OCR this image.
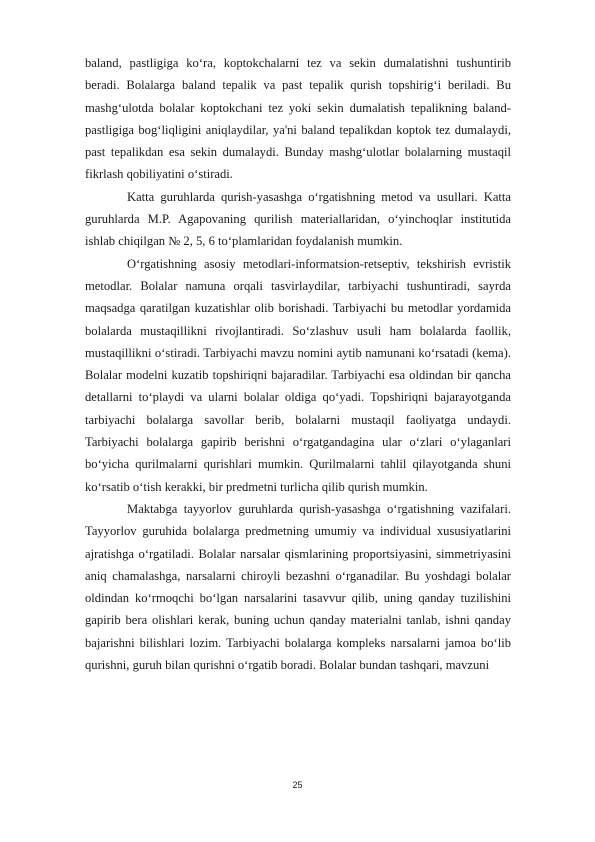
baland, pastligiga ko‘ra, koptokchalarni tez va sekin dumalatishni tushuntirib beradi. Bolalarga baland tepalik va past tepalik qurish topshirig‘i beriladi. Bu mashg‘ulotda bolalar koptokchani tez yoki sekin dumalatish tepalikning baland-pastligiga bog‘liqligini aniqlaydilar, ya'ni baland tepalikdan koptok tez dumalaydi, past tepalikdan esa sekin dumalaydi. Bunday mashg‘ulotlar bolalarning mustaqil fikrlash qobiliyatini o‘stiradi.

Katta guruhlarda qurish-yasashga o‘rgatishning metod va usullari. Katta guruhlarda M.P. Agapovaning qurilish materiallaridan, o‘yinchoqlar institutida ishlab chiqilgan № 2, 5, 6 to‘plamlaridan foydalanish mumkin.

O‘rgatishning asosiy metodlari-informatsion-retseptiv, tekshirish evristik metodlar. Bolalar namuna orqali tasvirlaydilar, tarbiyachi tushuntiradi, sayrda maqsadga qaratilgan kuzatishlar olib borishadi. Tarbiyachi bu metodlar yordamida bolalarda mustaqillikni rivojlantiradi. So‘zlashuv usuli ham bolalarda faollik, mustaqillikni o‘stiradi. Tarbiyachi mavzu nomini aytib namunani ko‘rsatadi (kema). Bolalar modelni kuzatib topshiriqni bajaradilar. Tarbiyachi esa oldindan bir qancha detallarni to‘playdi va ularni bolalar oldiga qo‘yadi. Topshiriqni bajarayotganda tarbiyachi bolalarga savollar berib, bolalarni mustaqil faoliyatga undaydi. Tarbiyachi bolalarga gapirib berishni o‘rgatgandagina ular o‘zlari o‘ylaganlari bo‘yicha qurilmalarni qurishlari mumkin. Qurilmalarni tahlil qilayotganda shuni ko‘rsatib o‘tish kerakki, bir predmetni turlicha qilib qurish mumkin.

Maktabga tayyorlov guruhlarda qurish-yasashga o‘rgatishning vazifalari. Tayyorlov guruhida bolalarga predmetning umumiy va individual xususiyatlarini ajratishga o‘rgatiladi. Bolalar narsalar qismlarining proportsiyasini, simmetriyasini aniq chamalashga, narsalarni chiroyli bezashni o‘rganadilar. Bu yoshdagi bolalar oldindan ko‘rmoqchi bo‘lgan narsalarini tasavvur qilib, uning qanday tuzilishini gapirib bera olishlari kerak, buning uchun qanday materialni tanlab, ishni qanday bajarishni bilishlari lozim. Tarbiyachi bolalarga kompleks narsalarni jamoa bo‘lib qurishni, guruh bilan qurishni o‘rgatib boradi. Bolalar bundan tashqari, mavzuni

25
